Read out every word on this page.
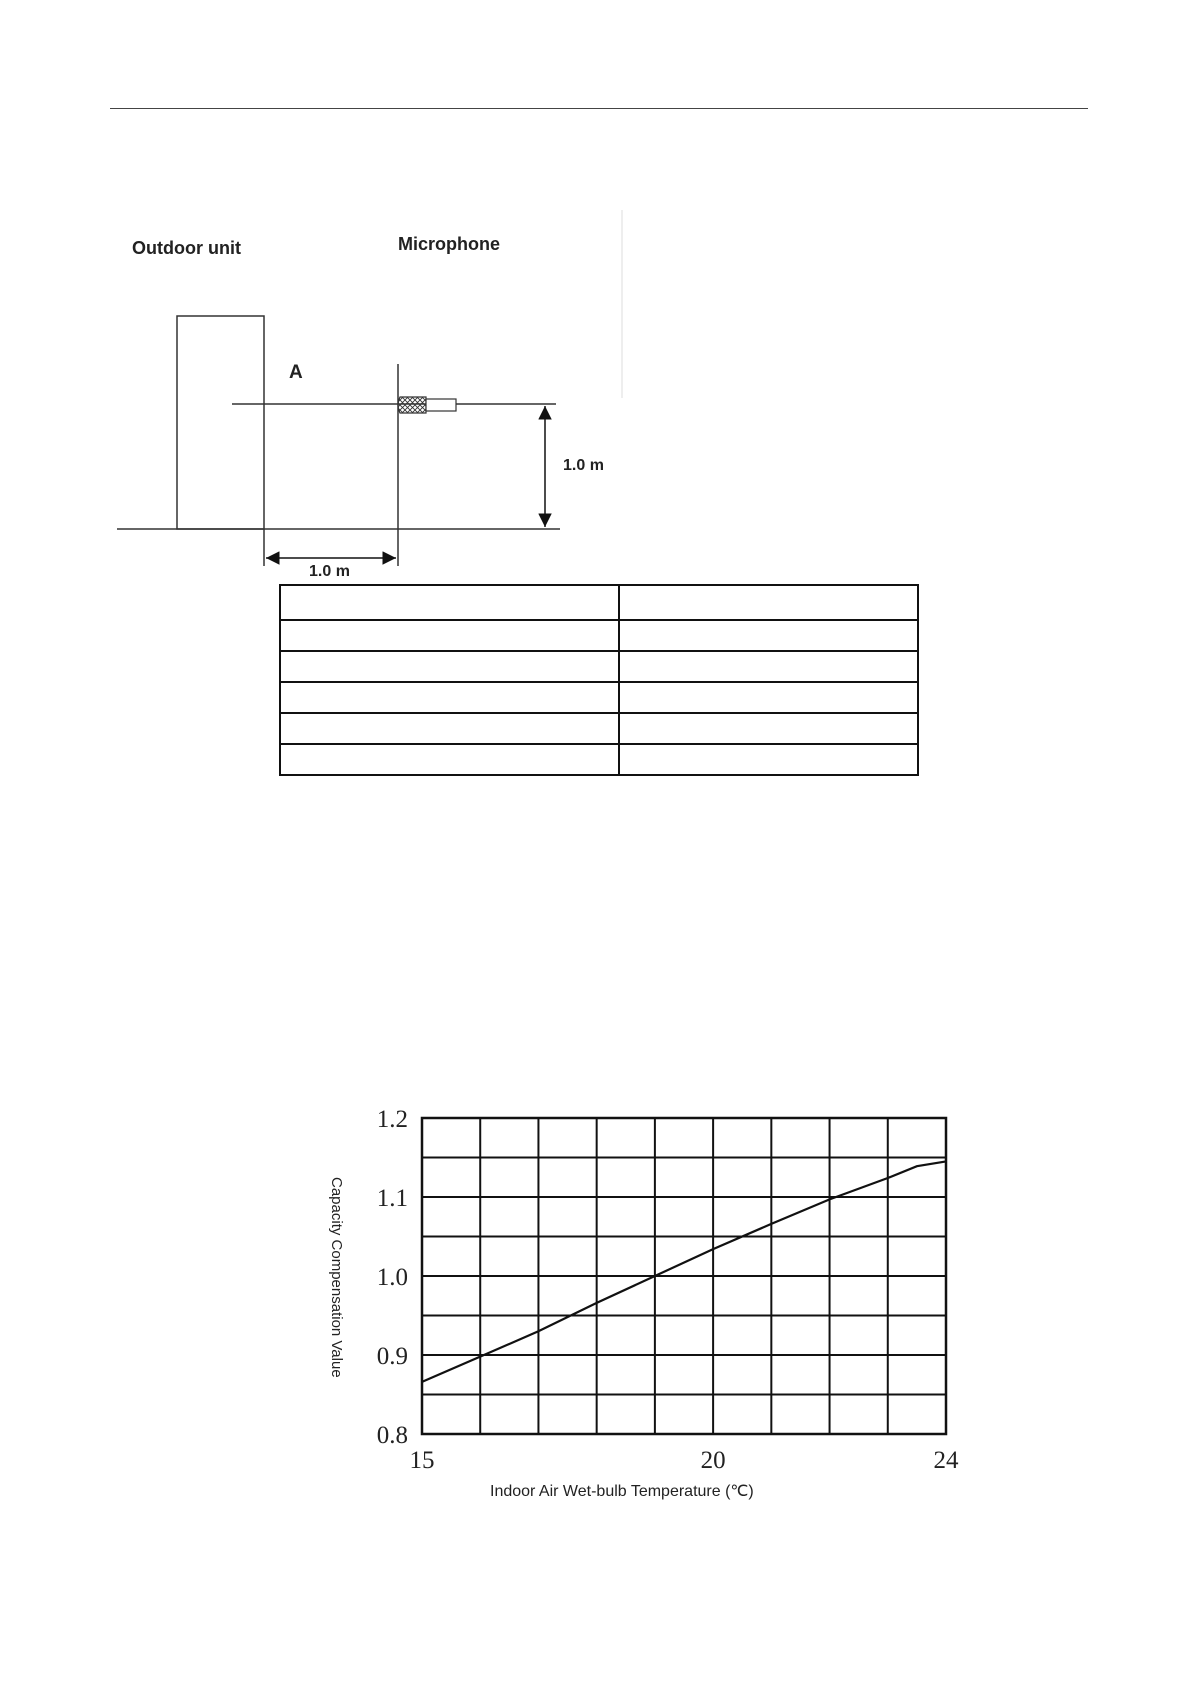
Outdoor unit	Microphone
A
1.0 m
1.0 m

0.8
0.9
1.0
1.1
1.2
15	20	24
Capacity Compensation Value
Indoor Air Wet-bulb Temperature (℃)
